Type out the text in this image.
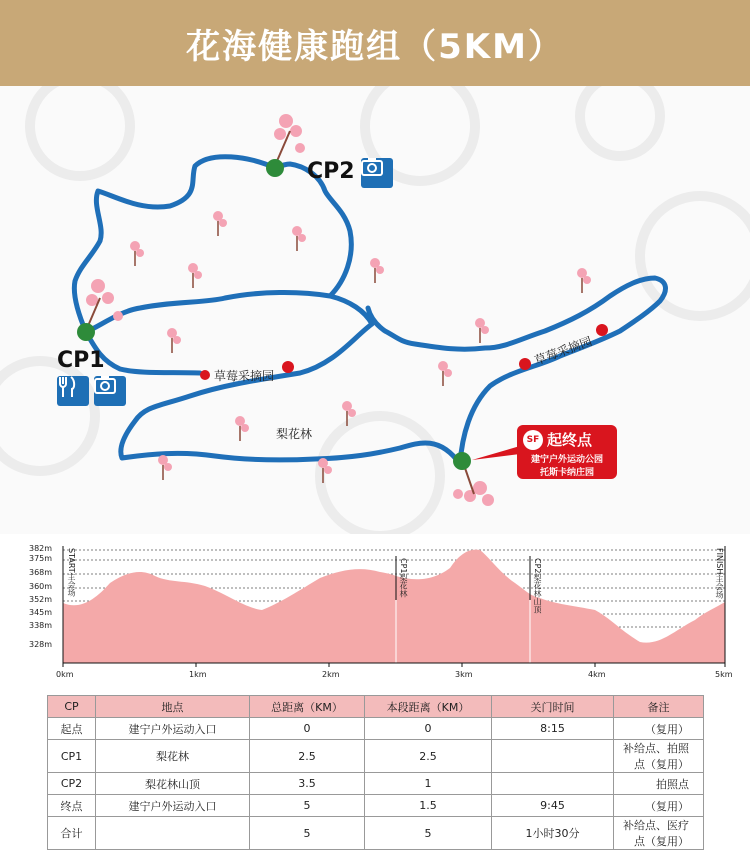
花海健康跑组（5KM）
CP2
CP1
草莓采摘园
草莓采摘园
梨花林	SF 起终点
建宁户外运动公园
托斯卡纳庄园
382m
375m
368m
360m
352m
345m
338m
328m
0km	1km	2km	3km	4km	5km
START主会场	CP1梨花林	CP2梨花林山顶	FINISH主会场
CP	地点	总距离（KM）	本段距离（KM）	关门时间	备注
起点	建宁户外运动入口	0	0	8:15	（复用）
CP1	梨花林	2.5	2.5		补给点、拍照点（复用）
CP2	梨花林山顶	3.5	1		拍照点
终点	建宁户外运动入口	5	1.5	9:45	（复用）
合计		5	5	1小时30分	补给点、医疗点（复用）
